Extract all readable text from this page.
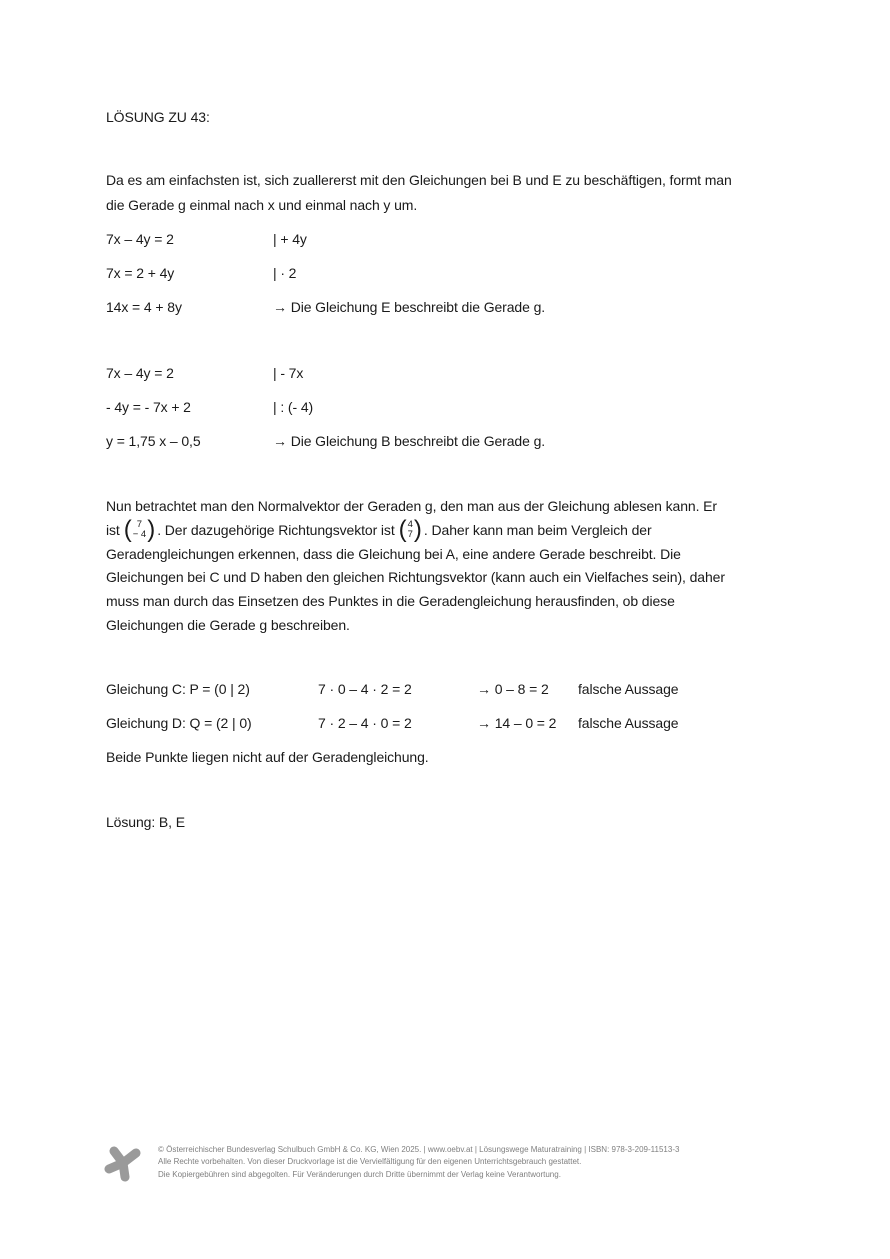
LÖSUNG ZU 43:
Da es am einfachsten ist, sich zuallererst mit den Gleichungen bei B und E zu beschäftigen, formt man
die Gerade g einmal nach x und einmal nach y um.
7x – 4y = 2	| + 4y
7x = 2 + 4y	| · 2
14x = 4 + 8y	→ Die Gleichung E beschreibt die Gerade g.
7x – 4y = 2	| - 7x
- 4y = - 7x + 2	| : (- 4)
y = 1,75 x – 0,5	→ Die Gleichung B beschreibt die Gerade g.
Nun betrachtet man den Normalvektor der Geraden g, den man aus der Gleichung ablesen kann. Er
ist ( 7
− 4 ) . Der dazugehörige Richtungsvektor ist ( 4
7 ) . Daher kann man beim Vergleich der
Geradengleichungen erkennen, dass die Gleichung bei A, eine andere Gerade beschreibt. Die
Gleichungen bei C und D haben den gleichen Richtungsvektor (kann auch ein Vielfaches sein), daher
muss man durch das Einsetzen des Punktes in die Geradengleichung herausfinden, ob diese
Gleichungen die Gerade g beschreiben.
Gleichung C: P = (0 | 2)	7 · 0 – 4 · 2 = 2	→ 0 – 8 = 2	falsche Aussage
Gleichung D: Q = (2 | 0)	7 · 2 – 4 · 0 = 2	→ 14 – 0 = 2	falsche Aussage
Beide Punkte liegen nicht auf der Geradengleichung.
Lösung: B, E
© Österreichischer Bundesverlag Schulbuch GmbH & Co. KG, Wien 2025. | www.oebv.at | Lösungswege Maturatraining | ISBN: 978-3-209-11513-3
Alle Rechte vorbehalten. Von dieser Druckvorlage ist die Vervielfältigung für den eigenen Unterrichtsgebrauch gestattet.
Die Kopiergebühren sind abgegolten. Für Veränderungen durch Dritte übernimmt der Verlag keine Verantwortung.
